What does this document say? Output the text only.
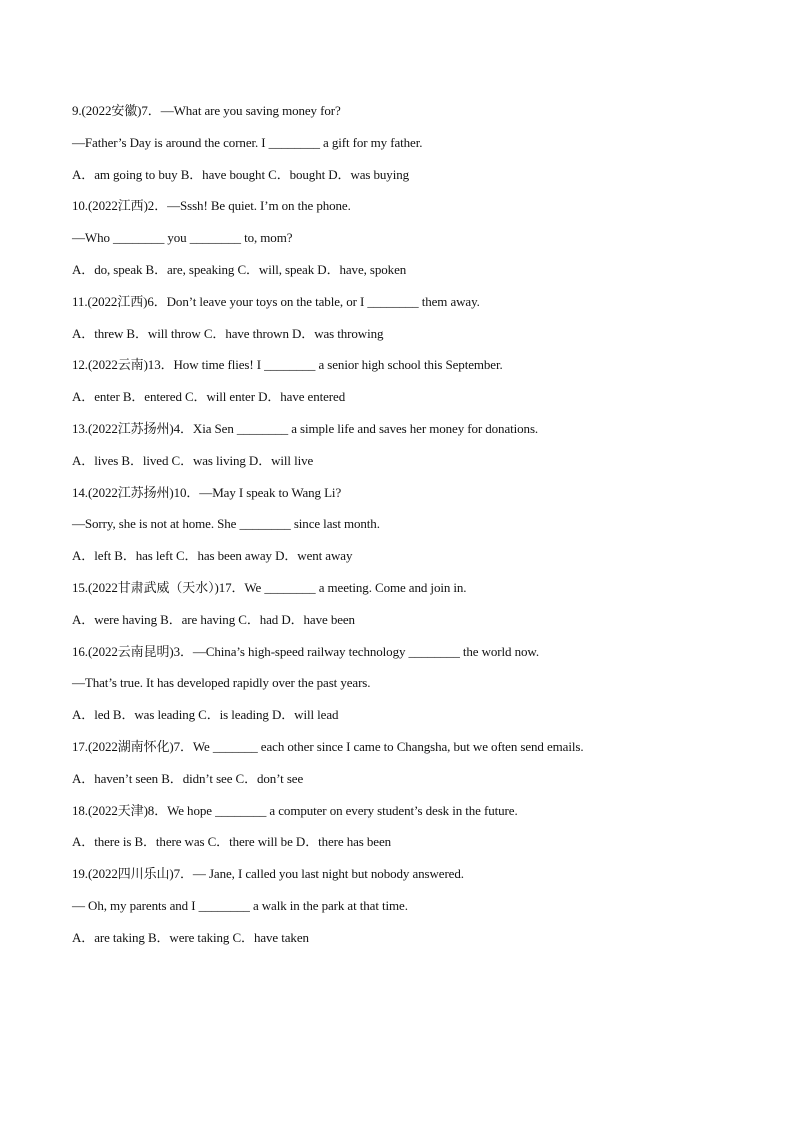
9.(2022安徽)7．—What are you saving money for?
—Father’s Day is around the corner. I ________ a gift for my father.
A．am going to buy B．have bought C．bought D．was buying
10.(2022江西)2．—Sssh! Be quiet. I’m on the phone.
—Who ________ you ________ to, mom?
A．do, speak B．are, speaking C．will, speak D．have, spoken
11.(2022江西)6．Don’t leave your toys on the table, or I ________ them away.
A．threw B．will throw C．have thrown D．was throwing
12.(2022云南)13．How time flies! I ________ a senior high school this September.
A．enter B．entered C．will enter D．have entered
13.(2022江苏扬州)4．Xia Sen ________ a simple life and saves her money for donations.
A．lives B．lived C．was living D．will live
14.(2022江苏扬州)10．—May I speak to Wang Li?
—Sorry, she is not at home. She ________ since last month.
A．left B．has left C．has been away D．went away
15.(2022甘肃武威（天水）)17．We ________ a meeting. Come and join in.
A．were having B．are having C．had D．have been
16.(2022云南昆明)3．—China’s high-speed railway technology ________ the world now.
—That’s true. It has developed rapidly over the past years.
A．led B．was leading C．is leading D．will lead
17.(2022湖南怀化)7．We _______ each other since I came to Changsha, but we often send emails.
A．haven’t seen B．didn’t see C．don’t see
18.(2022天津)8．We hope ________ a computer on every student’s desk in the future.
A．there is B．there was C．there will be D．there has been
19.(2022四川乐山)7．— Jane, I called you last night but nobody answered.
— Oh, my parents and I ________ a walk in the park at that time.
A．are taking B．were taking C．have taken
